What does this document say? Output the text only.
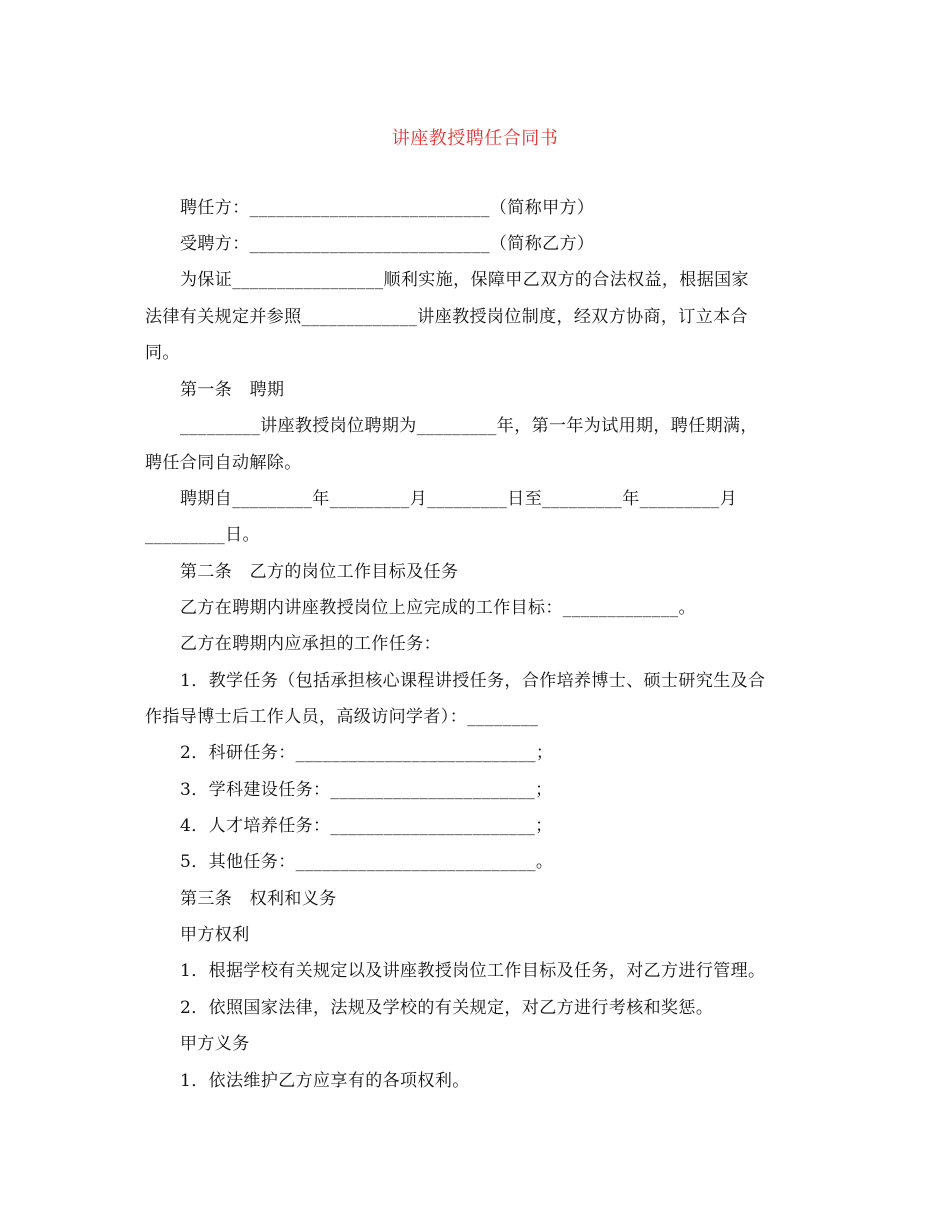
讲座教授聘任合同书
聘任方：___________________________（简称甲方）
受聘方：___________________________（简称乙方）
为保证_________________顺利实施，保障甲乙双方的合法权益，根据国家
法律有关规定并参照_____________讲座教授岗位制度，经双方协商，订立本合
同。
第一条　聘期
_________讲座教授岗位聘期为_________年，第一年为试用期，聘任期满，
聘任合同自动解除。
聘期自_________年_________月_________日至_________年_________月
_________日。
第二条　乙方的岗位工作目标及任务
乙方在聘期内讲座教授岗位上应完成的工作目标：_____________。
乙方在聘期内应承担的工作任务：
1．教学任务（包括承担核心课程讲授任务，合作培养博士、硕士研究生及合
作指导博士后工作人员，高级访问学者）：________
2．科研任务：___________________________；
3．学科建设任务：_______________________；
4．人才培养任务：_______________________；
5．其他任务：___________________________。
第三条　权利和义务
甲方权利
1．根据学校有关规定以及讲座教授岗位工作目标及任务，对乙方进行管理。
2．依照国家法律，法规及学校的有关规定，对乙方进行考核和奖惩。
甲方义务
1．依法维护乙方应享有的各项权利。
